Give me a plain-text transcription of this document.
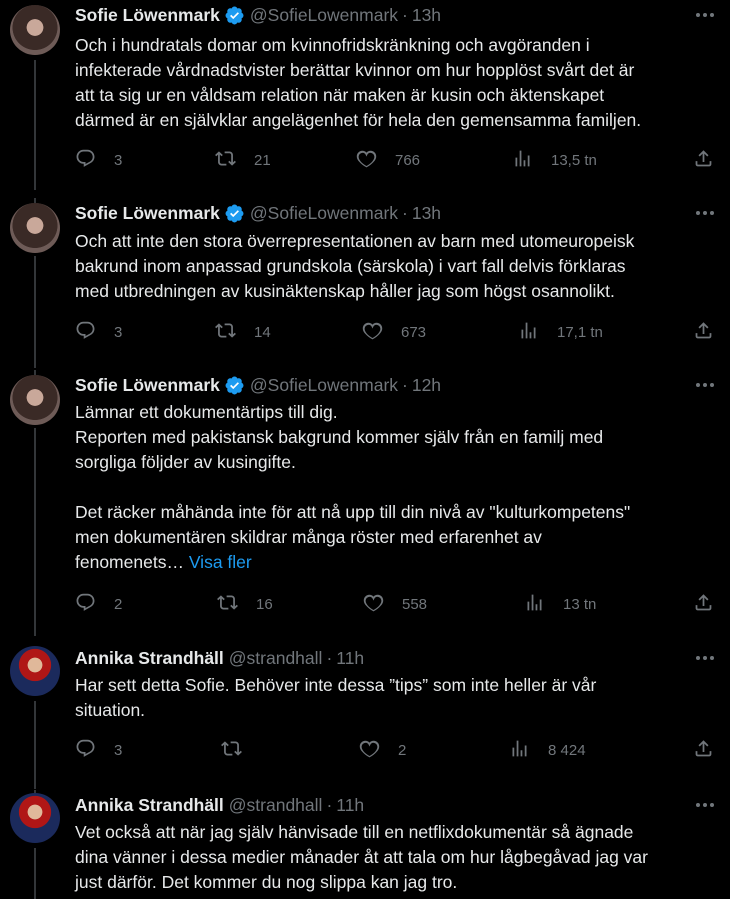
Sofie Löwenmark @SofieLowenmark · 13h

Och i hundratals domar om kvinnofridskränkning och avgöranden i

infekterade vårdnadstvister berättar kvinnor om hur hopplöst svårt det är

att ta sig ur en våldsam relation när maken är kusin och äktenskapet

därmed är en självklar angelägenhet för hela den gemensamma familjen.

3	21	766	13,5 tn
Sofie Löwenmark @SofieLowenmark · 13h

Och att inte den stora överrepresentationen av barn med utomeuropeisk

bakrund inom anpassad grundskola (särskola) i vart fall delvis förklaras

med utbredningen av kusinäktenskap håller jag som högst osannolikt.

3	14	673	17,1 tn
Sofie Löwenmark @SofieLowenmark · 12h

Lämnar ett dokumentärtips till dig.

Reporten med pakistansk bakgrund kommer själv från en familj med

sorgliga följder av kusingifte.

Det räcker måhända inte för att nå upp till din nivå av "kulturkompetens"

men dokumentären skildrar många röster med erfarenhet av

fenomenets… Visa fler

2	16	558	13 tn
Annika Strandhäll @strandhall · 11h

Har sett detta Sofie. Behöver inte dessa ”tips” som inte heller är vår

situation.

3	2	8 424
Annika Strandhäll @strandhall · 11h

Vet också att när jag själv hänvisade till en netflixdokumentär så ägnade

dina vänner i dessa medier månader åt att tala om hur lågbegåvad jag var

just därför. Det kommer du nog slippa kan jag tro.
